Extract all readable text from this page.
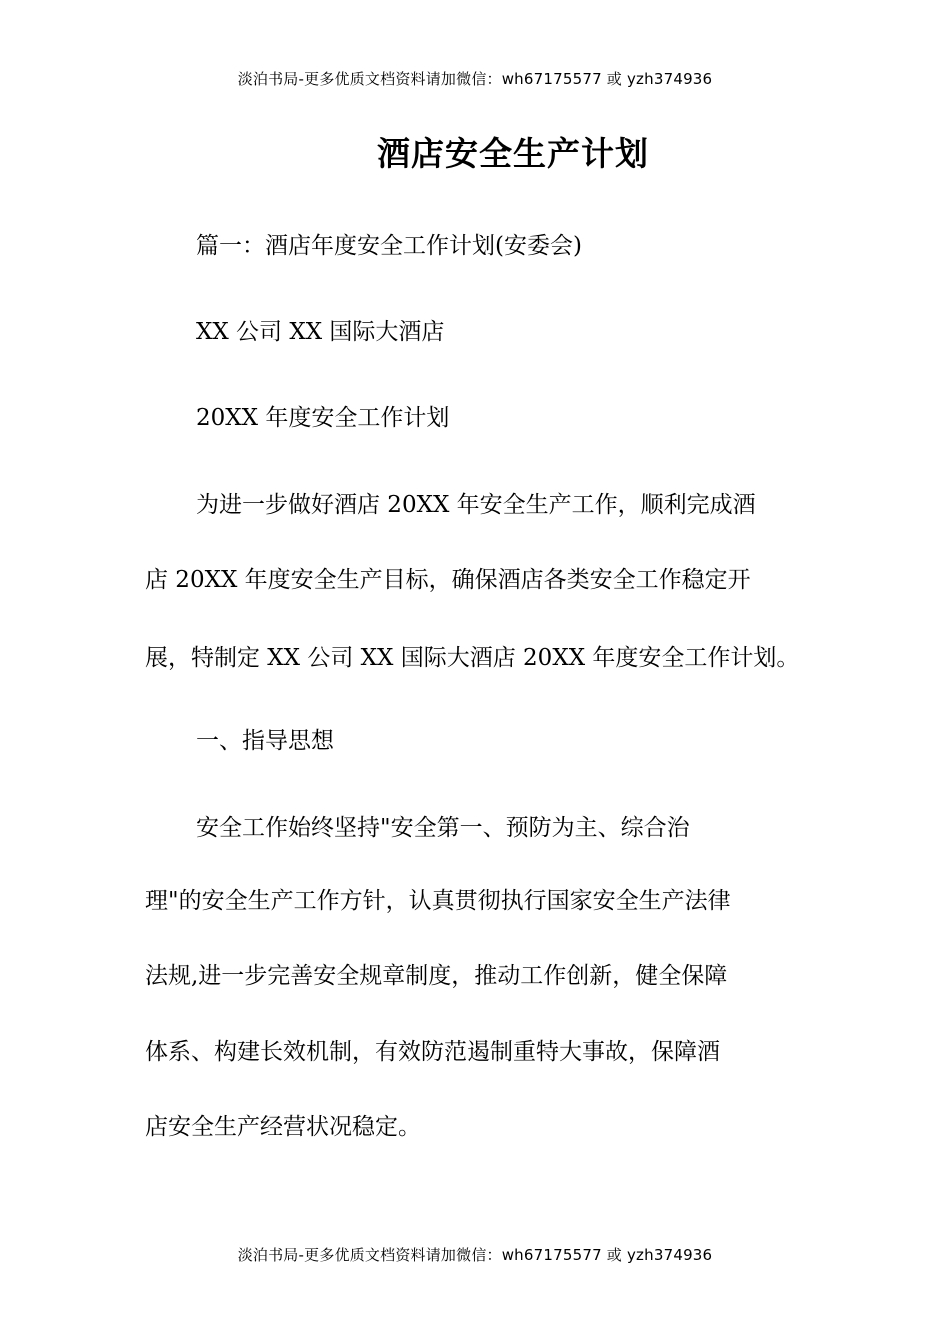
淡泊书局-更多优质文档资料请加微信：wh67175577 或 yzh374936
酒店安全生产计划
篇一：酒店年度安全工作计划(安委会)
XX 公司 XX 国际大酒店
20XX 年度安全工作计划
为进一步做好酒店 20XX 年安全生产工作，顺利完成酒
店 20XX 年度安全生产目标，确保酒店各类安全工作稳定开
展，特制定 XX 公司 XX 国际大酒店 20XX 年度安全工作计划。
一、指导思想
安全工作始终坚持"安全第一、预防为主、综合治
理"的安全生产工作方针，认真贯彻执行国家安全生产法律
法规,进一步完善安全规章制度，推动工作创新，健全保障
体系、构建长效机制，有效防范遏制重特大事故，保障酒
店安全生产经营状况稳定。
淡泊书局-更多优质文档资料请加微信：wh67175577 或 yzh374936
